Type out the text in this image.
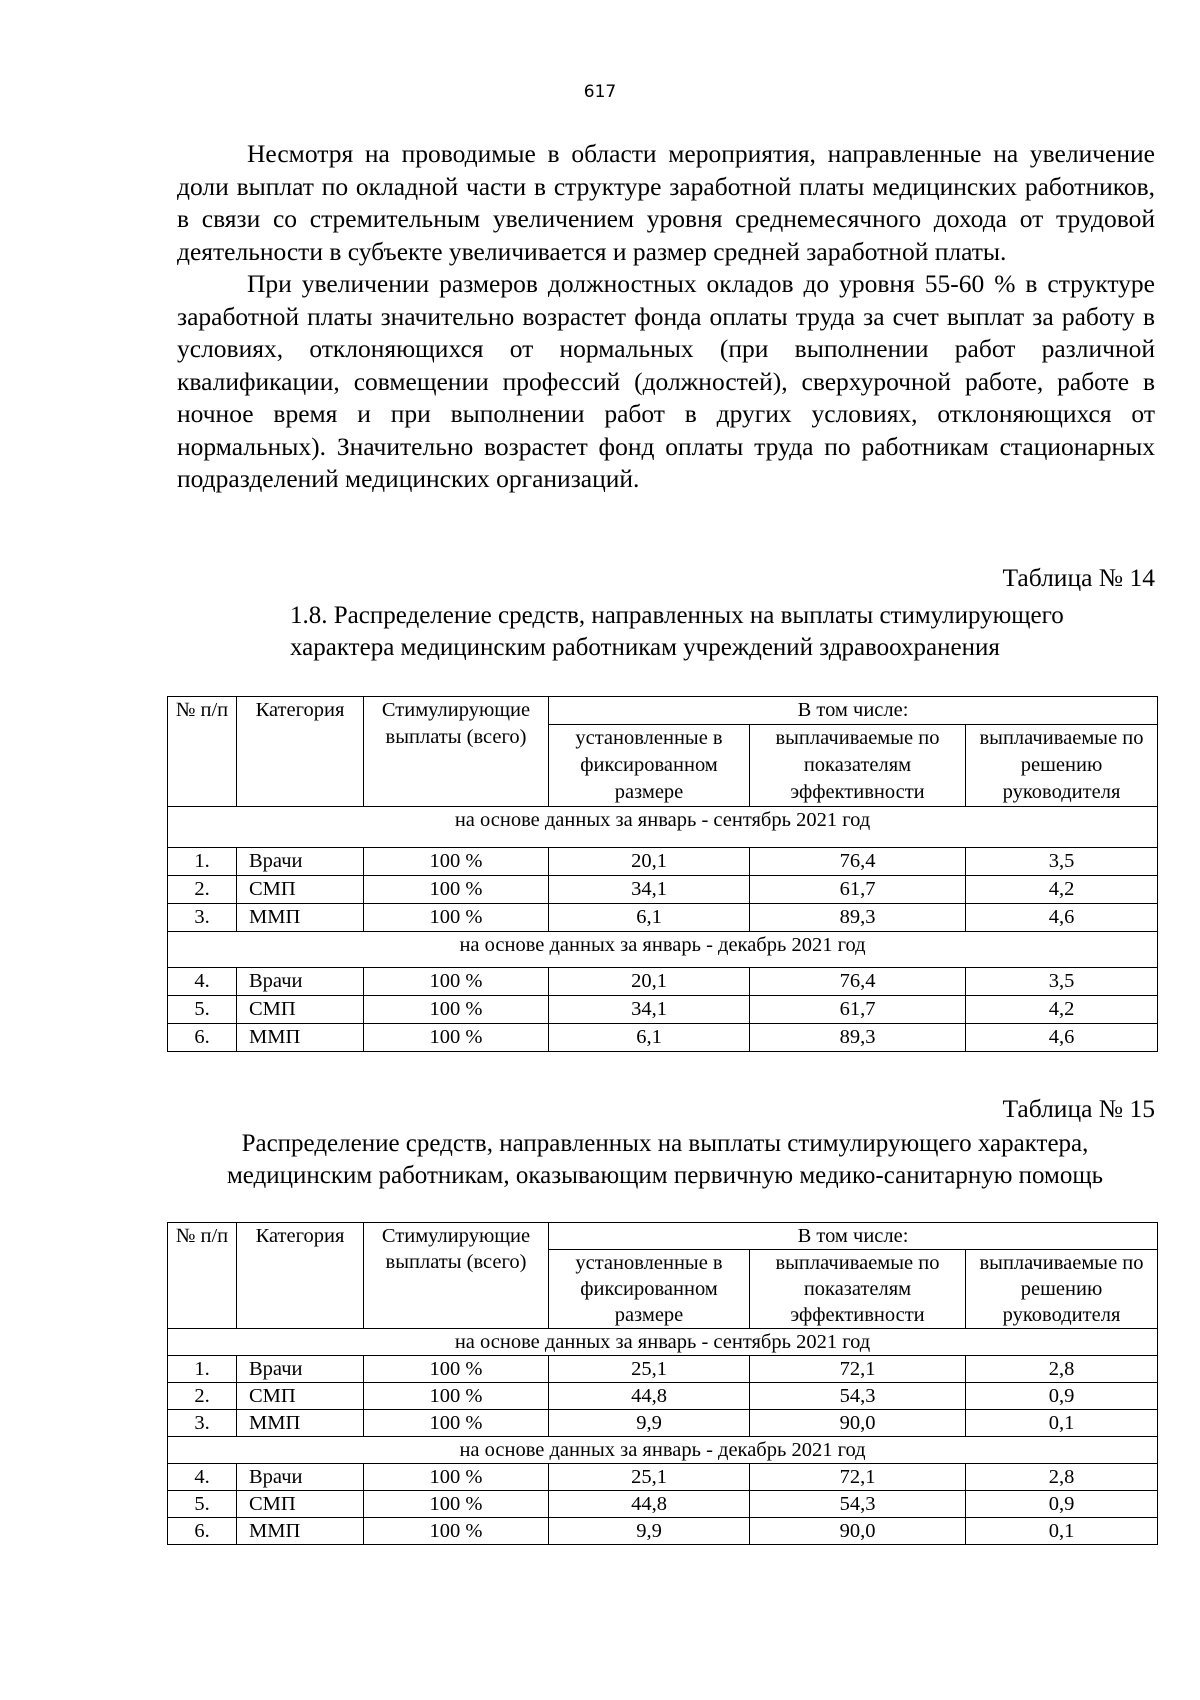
617

Несмотря на проводимые в области мероприятия, направленные на увеличение доли выплат по окладной части в структуре заработной платы медицинских работников, в связи со стремительным увеличением уровня среднемесячного дохода от трудовой деятельности в субъекте увеличивается и размер средней заработной платы.

При увеличении размеров должностных окладов до уровня 55-60 % в структуре заработной платы значительно возрастет фонда оплаты труда за счет выплат за работу в условиях, отклоняющихся от нормальных (при выполнении работ различной квалификации, совмещении профессий (должностей), сверхурочной работе, работе в ночное время и при выполнении работ в других условиях, отклоняющихся от нормальных). Значительно возрастет фонд оплаты труда по работникам стационарных подразделений медицинских организаций.

Таблица № 14
1.8. Распределение средств, направленных на выплаты стимулирующего
характера медицинским работникам учреждений здравоохранения
№ п/п	Категория	Стимулирующие выплаты (всего)	В том числе:		
			установленные в фиксированном размере	выплачиваемые по показателям эффективности	выплачиваемые по решению руководителя
на основе данных за январь - сентябрь 2021 год					
1.	Врачи	100 %	20,1	76,4	3,5
2.	СМП	100 %	34,1	61,7	4,2
3.	ММП	100 %	6,1	89,3	4,6
на основе данных за январь - декабрь 2021 год					
4.	Врачи	100 %	20,1	76,4	3,5
5.	СМП	100 %	34,1	61,7	4,2
6.	ММП	100 %	6,1	89,3	4,6
Таблица № 15
Распределение средств, направленных на выплаты стимулирующего характера,
медицинским работникам, оказывающим первичную медико-санитарную помощь
№ п/п	Категория	Стимулирующие выплаты (всего)	В том числе:		
			установленные в фиксированном размере	выплачиваемые по показателям эффективности	выплачиваемые по решению руководителя
на основе данных за январь - сентябрь 2021 год					
1.	Врачи	100 %	25,1	72,1	2,8
2.	СМП	100 %	44,8	54,3	0,9
3.	ММП	100 %	9,9	90,0	0,1
на основе данных за январь - декабрь 2021 год					
4.	Врачи	100 %	25,1	72,1	2,8
5.	СМП	100 %	44,8	54,3	0,9
6.	ММП	100 %	9,9	90,0	0,1
